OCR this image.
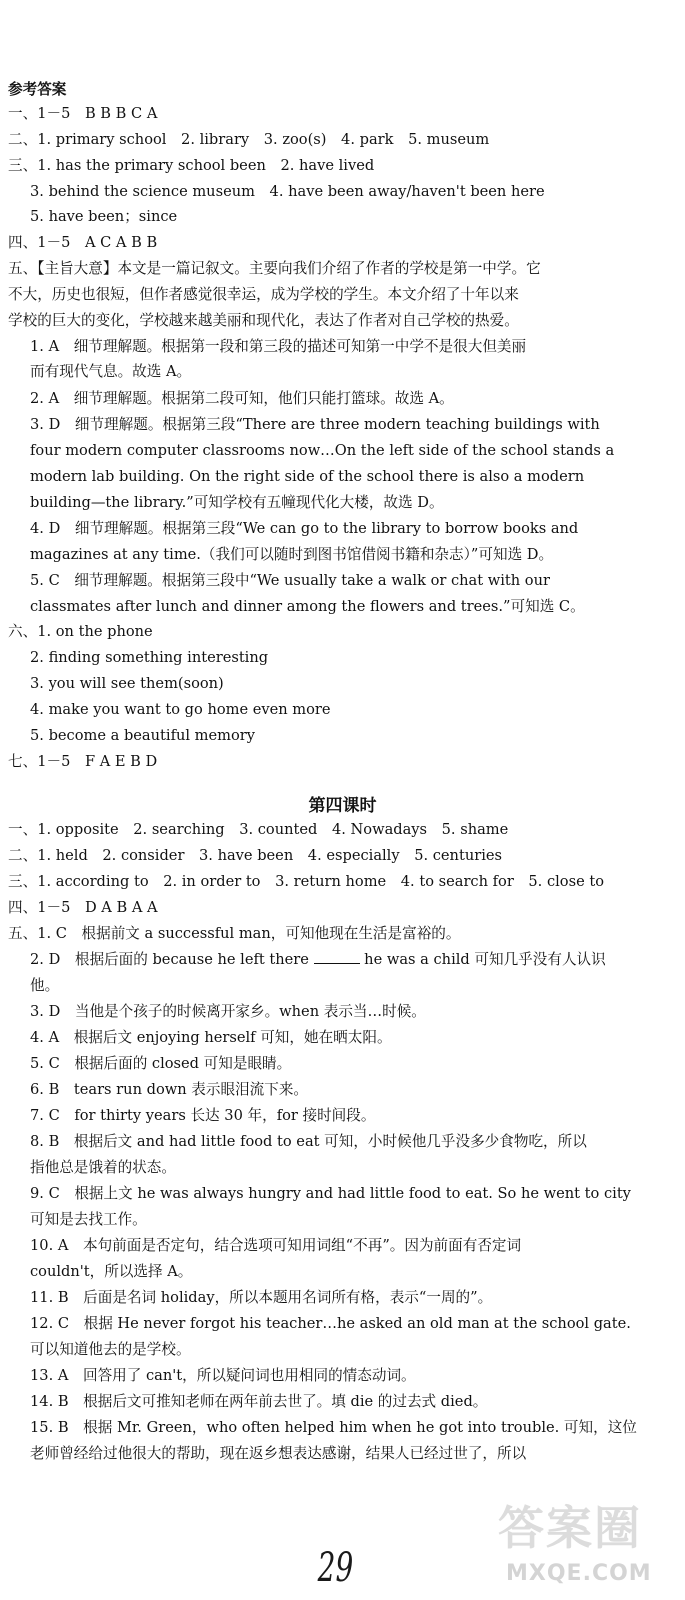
参考答案
一、1－5　B B B C A
二、1. primary school　2. library　3. zoo(s)　4. park　5. museum
三、1. has the primary school been　2. have lived
3. behind the science museum　4. have been away/haven't been here
5. have been；since
四、1－5　A C A B B
五、【主旨大意】本文是一篇记叙文。主要向我们介绍了作者的学校是第一中学。它
不大，历史也很短，但作者感觉很幸运，成为学校的学生。本文介绍了十年以来
学校的巨大的变化，学校越来越美丽和现代化，表达了作者对自己学校的热爱。
1. A　细节理解题。根据第一段和第三段的描述可知第一中学不是很大但美丽
而有现代气息。故选 A。
2. A　细节理解题。根据第二段可知，他们只能打篮球。故选 A。
3. D　细节理解题。根据第三段“There are three modern teaching buildings with
four modern computer classrooms now…On the left side of the school stands a
modern lab building. On the right side of the school there is also a modern
building—the library.”可知学校有五幢现代化大楼，故选 D。
4. D　细节理解题。根据第三段“We can go to the library to borrow books and
magazines at any time.（我们可以随时到图书馆借阅书籍和杂志）”可知选 D。
5. C　细节理解题。根据第三段中“We usually take a walk or chat with our
classmates after lunch and dinner among the flowers and trees.”可知选 C。
六、1. on the phone
2. finding something interesting
3. you will see them(soon)
4. make you want to go home even more
5. become a beautiful memory
七、1－5　F A E B D
第四课时
一、1. opposite　2. searching　3. counted　4. Nowadays　5. shame
二、1. held　2. consider　3. have been　4. especially　5. centuries
三、1. according to　2. in order to　3. return home　4. to search for　5. close to
四、1－5　D A B A A
五、1. C　根据前文 a successful man，可知他现在生活是富裕的。
2. D　根据后面的 because he left there	he was a child 可知几乎没有人认识
他。
3. D　当他是个孩子的时候离开家乡。when 表示当…时候。
4. A　根据后文 enjoying herself 可知，她在晒太阳。
5. C　根据后面的 closed 可知是眼睛。
6. B　tears run down 表示眼泪流下来。
7. C　for thirty years 长达 30 年，for 接时间段。
8. B　根据后文 and had little food to eat 可知，小时候他几乎没多少食物吃，所以
指他总是饿着的状态。
9. C　根据上文 he was always hungry and had little food to eat. So he went to city
可知是去找工作。
10. A　本句前面是否定句，结合选项可知用词组“不再”。因为前面有否定词
couldn't，所以选择 A。
11. B　后面是名词 holiday，所以本题用名词所有格，表示“一周的”。
12. C　根据 He never forgot his teacher…he asked an old man at the school gate.
可以知道他去的是学校。
13. A　回答用了 can't，所以疑问词也用相同的情态动词。
14. B　根据后文可推知老师在两年前去世了。填 die 的过去式 died。
15. B　根据 Mr. Green，who often helped him when he got into trouble. 可知，这位
老师曾经给过他很大的帮助，现在返乡想表达感谢，结果人已经过世了，所以
29
答案圈
MXQE.COM
